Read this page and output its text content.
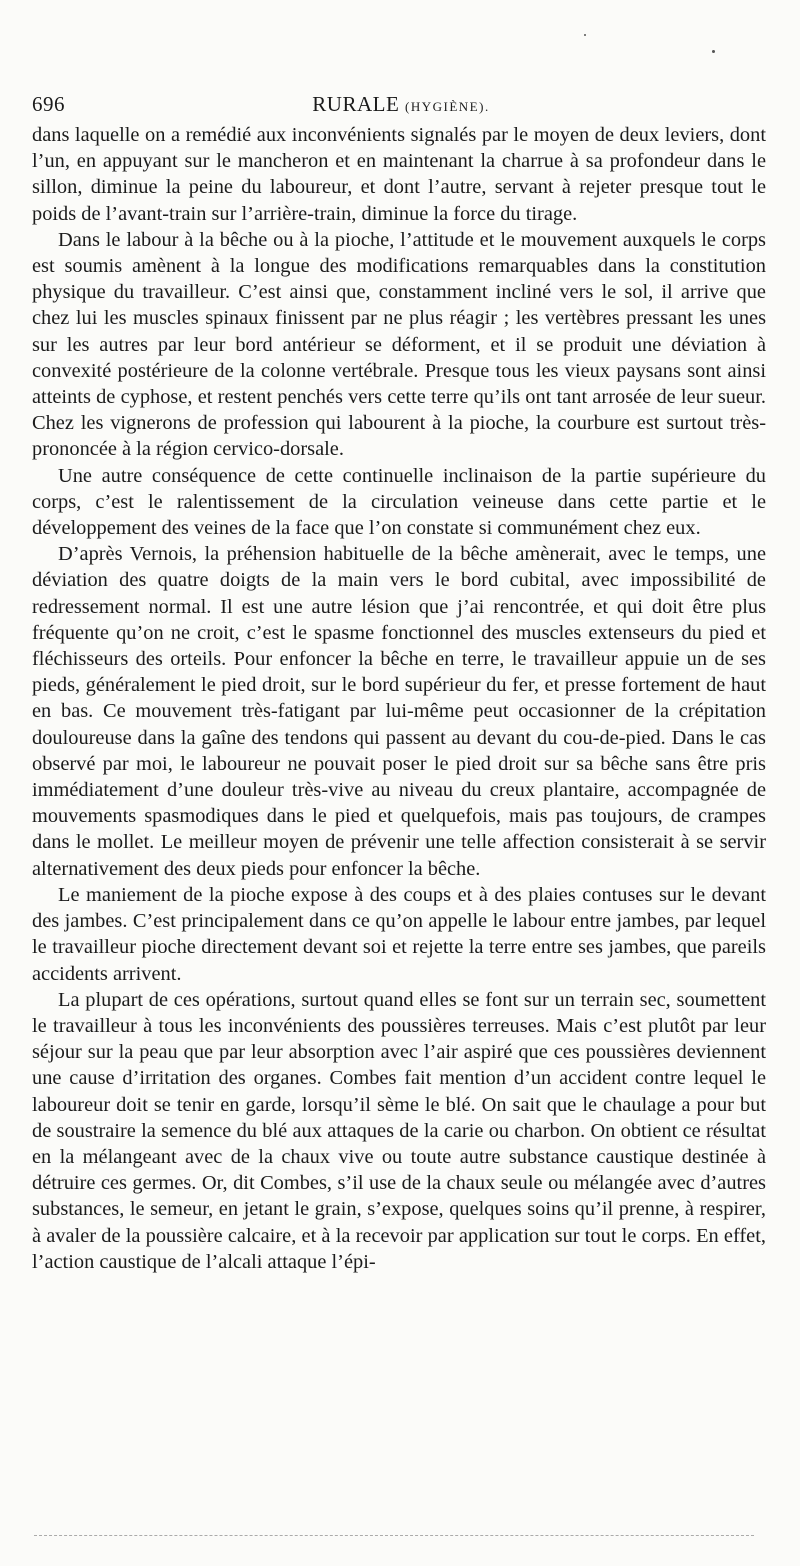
696	RURALE (HYGIÈNE).

dans laquelle on a remédié aux inconvénients signalés par le moyen de deux leviers, dont l’un, en appuyant sur le mancheron et en maintenant la charrue à sa profondeur dans le sillon, diminue la peine du laboureur, et dont l’autre, servant à rejeter presque tout le poids de l’avant-train sur l’arrière-train, diminue la force du tirage.

Dans le labour à la bêche ou à la pioche, l’attitude et le mouvement auxquels le corps est soumis amènent à la longue des modifications remarquables dans la constitution physique du travailleur. C’est ainsi que, constamment incliné vers le sol, il arrive que chez lui les muscles spinaux finissent par ne plus réagir ; les vertèbres pressant les unes sur les autres par leur bord antérieur se déforment, et il se produit une déviation à convexité postérieure de la colonne vertébrale. Presque tous les vieux paysans sont ainsi atteints de cyphose, et restent penchés vers cette terre qu’ils ont tant arrosée de leur sueur. Chez les vignerons de profession qui labourent à la pioche, la courbure est surtout très-prononcée à la région cervico-dorsale.

Une autre conséquence de cette continuelle inclinaison de la partie supérieure du corps, c’est le ralentissement de la circulation veineuse dans cette partie et le développement des veines de la face que l’on constate si communément chez eux.

D’après Vernois, la préhension habituelle de la bêche amènerait, avec le temps, une déviation des quatre doigts de la main vers le bord cubital, avec impossibilité de redressement normal. Il est une autre lésion que j’ai rencontrée, et qui doit être plus fréquente qu’on ne croit, c’est le spasme fonctionnel des muscles extenseurs du pied et fléchisseurs des orteils. Pour enfoncer la bêche en terre, le travailleur appuie un de ses pieds, généralement le pied droit, sur le bord supérieur du fer, et presse fortement de haut en bas. Ce mouvement très-fatigant par lui-même peut occasionner de la crépitation douloureuse dans la gaîne des tendons qui passent au devant du cou-de-pied. Dans le cas observé par moi, le laboureur ne pouvait poser le pied droit sur sa bêche sans être pris immédiatement d’une douleur très-vive au niveau du creux plantaire, accompagnée de mouvements spasmodiques dans le pied et quelquefois, mais pas toujours, de crampes dans le mollet. Le meilleur moyen de prévenir une telle affection consisterait à se servir alternativement des deux pieds pour enfoncer la bêche.

Le maniement de la pioche expose à des coups et à des plaies contuses sur le devant des jambes. C’est principalement dans ce qu’on appelle le labour entre jambes, par lequel le travailleur pioche directement devant soi et rejette la terre entre ses jambes, que pareils accidents arrivent.

La plupart de ces opérations, surtout quand elles se font sur un terrain sec, soumettent le travailleur à tous les inconvénients des poussières terreuses. Mais c’est plutôt par leur séjour sur la peau que par leur absorption avec l’air aspiré que ces poussières deviennent une cause d’irritation des organes. Combes fait mention d’un accident contre lequel le laboureur doit se tenir en garde, lorsqu’il sème le blé. On sait que le chaulage a pour but de soustraire la semence du blé aux attaques de la carie ou charbon. On obtient ce résultat en la mélangeant avec de la chaux vive ou toute autre substance caustique destinée à détruire ces germes. Or, dit Combes, s’il use de la chaux seule ou mélangée avec d’autres substances, le semeur, en jetant le grain, s’expose, quelques soins qu’il prenne, à respirer, à avaler de la poussière calcaire, et à la recevoir par application sur tout le corps. En effet, l’action caustique de l’alcali attaque l’épi-
